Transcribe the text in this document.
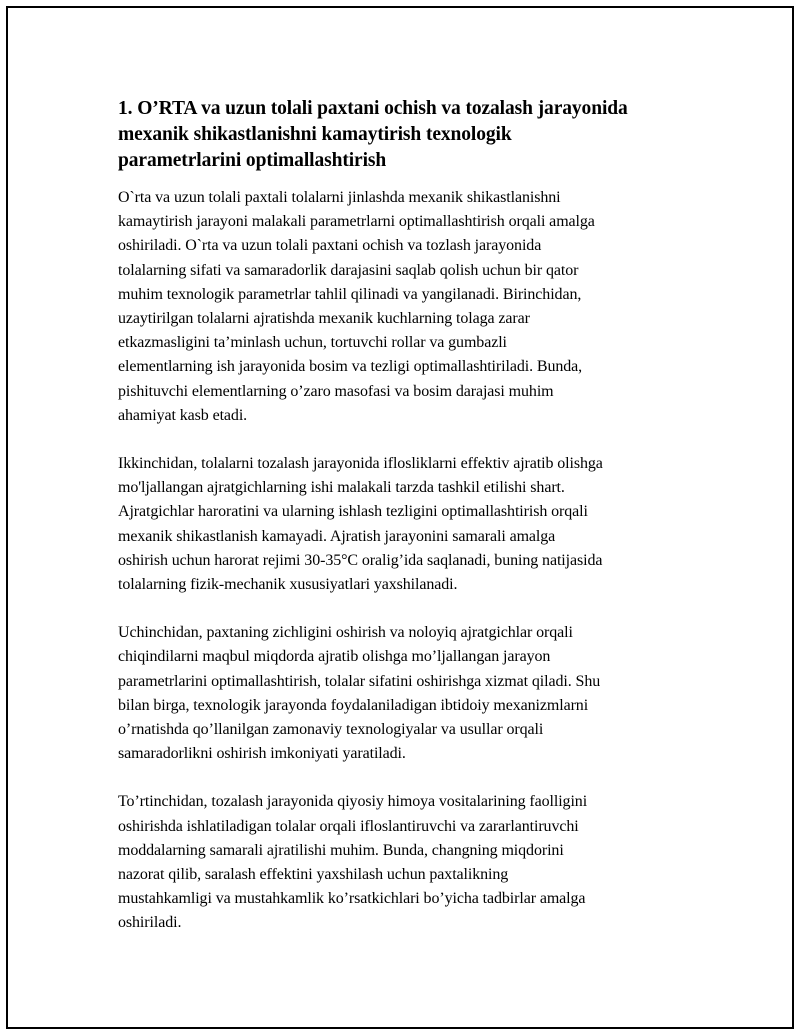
1. O’RTA va uzun tolali paxtani ochish va tozalash jarayonida
mexanik shikastlanishni kamaytirish texnologik
parametrlarini optimallashtirish

O`rta va uzun tolali paxtali tolalarni jinlashda mexanik shikastlanishni
kamaytirish jarayoni malakali parametrlarni optimallashtirish orqali amalga
oshiriladi. O`rta va uzun tolali paxtani ochish va tozlash jarayonida
tolalarning sifati va samaradorlik darajasini saqlab qolish uchun bir qator
muhim texnologik parametrlar tahlil qilinadi va yangilanadi. Birinchidan,
uzaytirilgan tolalarni ajratishda mexanik kuchlarning tolaga zarar
etkazmasligini ta’minlash uchun, tortuvchi rollar va gumbazli
elementlarning ish jarayonida bosim va tezligi optimallashtiriladi. Bunda,
pishituvchi elementlarning o’zaro masofasi va bosim darajasi muhim
ahamiyat kasb etadi.

Ikkinchidan, tolalarni tozalash jarayonida iflosliklarni effektiv ajratib olishga
mo'ljallangan ajratgichlarning ishi malakali tarzda tashkil etilishi shart.
Ajratgichlar haroratini va ularning ishlash tezligini optimallashtirish orqali
mexanik shikastlanish kamayadi. Ajratish jarayonini samarali amalga
oshirish uchun harorat rejimi 30-35°C oralig’ida saqlanadi, buning natijasida
tolalarning fizik-mechanik xususiyatlari yaxshilanadi.

Uchinchidan, paxtaning zichligini oshirish va noloyiq ajratgichlar orqali
chiqindilarni maqbul miqdorda ajratib olishga mo’ljallangan jarayon
parametrlarini optimallashtirish, tolalar sifatini oshirishga xizmat qiladi. Shu
bilan birga, texnologik jarayonda foydalaniladigan ibtidoiy mexanizmlarni
o’rnatishda qo’llanilgan zamonaviy texnologiyalar va usullar orqali
samaradorlikni oshirish imkoniyati yaratiladi.

To’rtinchidan, tozalash jarayonida qiyosiy himoya vositalarining faolligini
oshirishda ishlatiladigan tolalar orqali ifloslantiruvchi va zararlantiruvchi
moddalarning samarali ajratilishi muhim. Bunda, changning miqdorini
nazorat qilib, saralash effektini yaxshilash uchun paxtalikning
mustahkamligi va mustahkamlik ko’rsatkichlari bo’yicha tadbirlar amalga
oshiriladi.
